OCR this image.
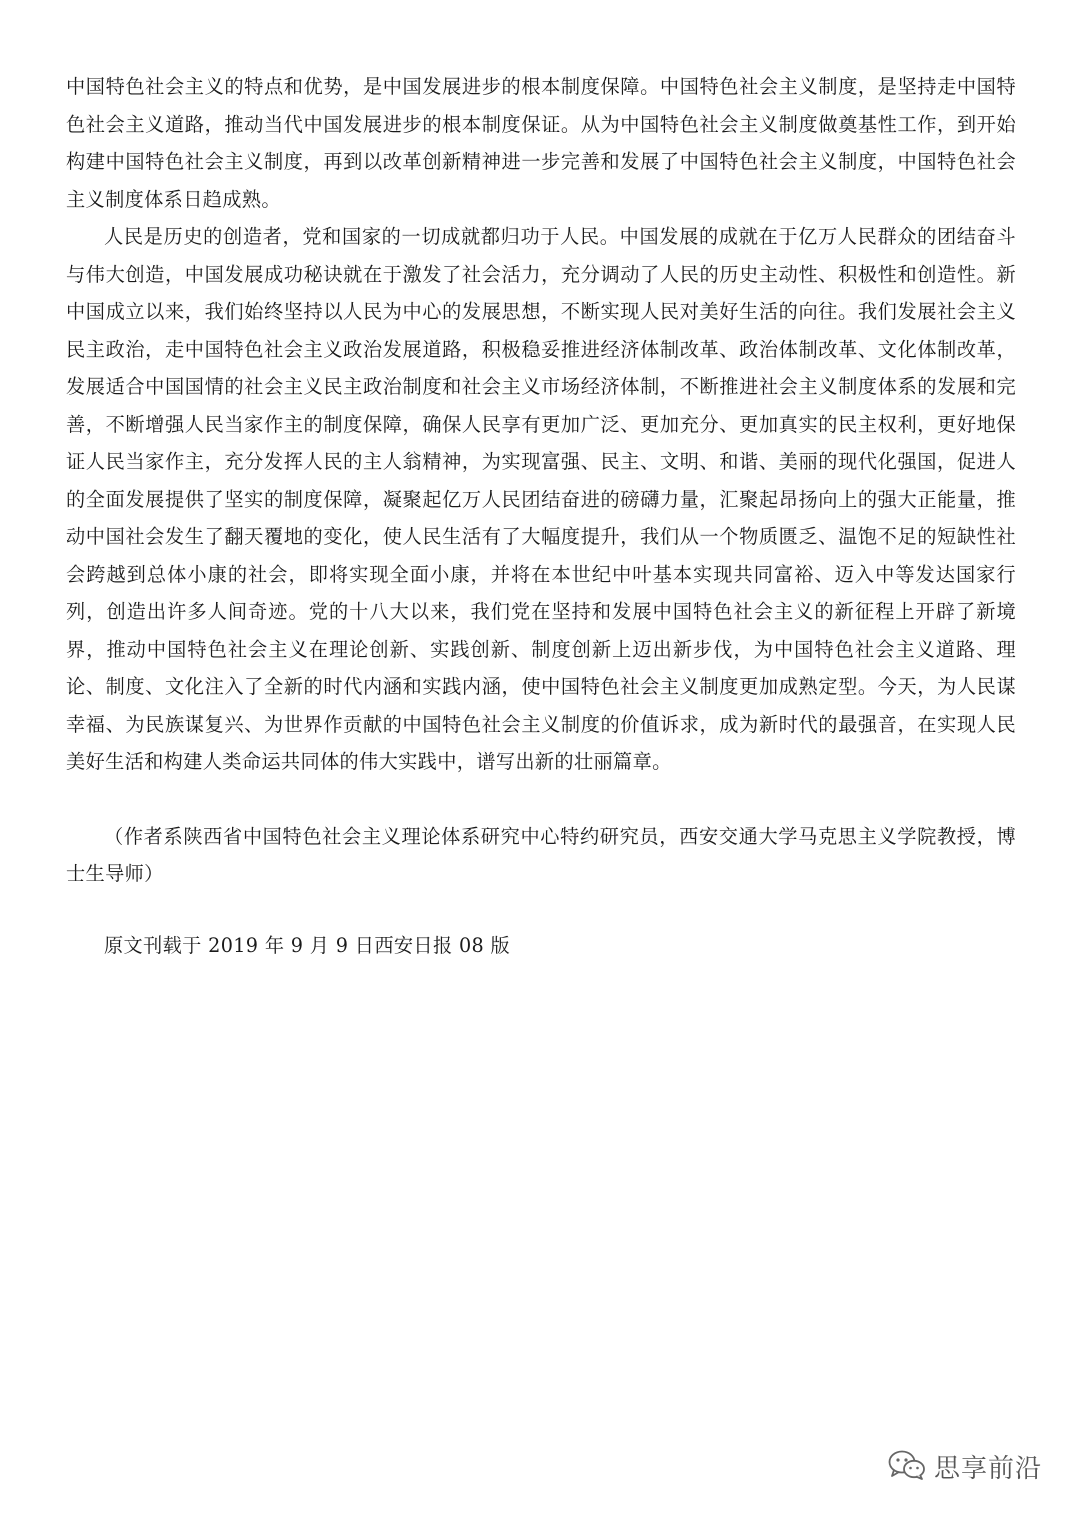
中国特色社会主义的特点和优势，是中国发展进步的根本制度保障。中国特色社会主义制度，是坚持走中国特色社会主义道路，推动当代中国发展进步的根本制度保证。从为中国特色社会主义制度做奠基性工作，到开始构建中国特色社会主义制度，再到以改革创新精神进一步完善和发展了中国特色社会主义制度，中国特色社会主义制度体系日趋成熟。

人民是历史的创造者，党和国家的一切成就都归功于人民。中国发展的成就在于亿万人民群众的团结奋斗与伟大创造，中国发展成功秘诀就在于激发了社会活力，充分调动了人民的历史主动性、积极性和创造性。新中国成立以来，我们始终坚持以人民为中心的发展思想，不断实现人民对美好生活的向往。我们发展社会主义民主政治，走中国特色社会主义政治发展道路，积极稳妥推进经济体制改革、政治体制改革、文化体制改革，发展适合中国国情的社会主义民主政治制度和社会主义市场经济体制，不断推进社会主义制度体系的发展和完善，不断增强人民当家作主的制度保障，确保人民享有更加广泛、更加充分、更加真实的民主权利，更好地保证人民当家作主，充分发挥人民的主人翁精神，为实现富强、民主、文明、和谐、美丽的现代化强国，促进人的全面发展提供了坚实的制度保障，凝聚起亿万人民团结奋进的磅礴力量，汇聚起昂扬向上的强大正能量，推动中国社会发生了翻天覆地的变化，使人民生活有了大幅度提升，我们从一个物质匮乏、温饱不足的短缺性社会跨越到总体小康的社会，即将实现全面小康，并将在本世纪中叶基本实现共同富裕、迈入中等发达国家行列，创造出许多人间奇迹。党的十八大以来，我们党在坚持和发展中国特色社会主义的新征程上开辟了新境界，推动中国特色社会主义在理论创新、实践创新、制度创新上迈出新步伐，为中国特色社会主义道路、理论、制度、文化注入了全新的时代内涵和实践内涵，使中国特色社会主义制度更加成熟定型。今天，为人民谋幸福、为民族谋复兴、为世界作贡献的中国特色社会主义制度的价值诉求，成为新时代的最强音，在实现人民美好生活和构建人类命运共同体的伟大实践中，谱写出新的壮丽篇章。

（作者系陕西省中国特色社会主义理论体系研究中心特约研究员，西安交通大学马克思主义学院教授，博士生导师）

原文刊载于 2019 年 9 月 9 日西安日报 08 版

思享前沿
